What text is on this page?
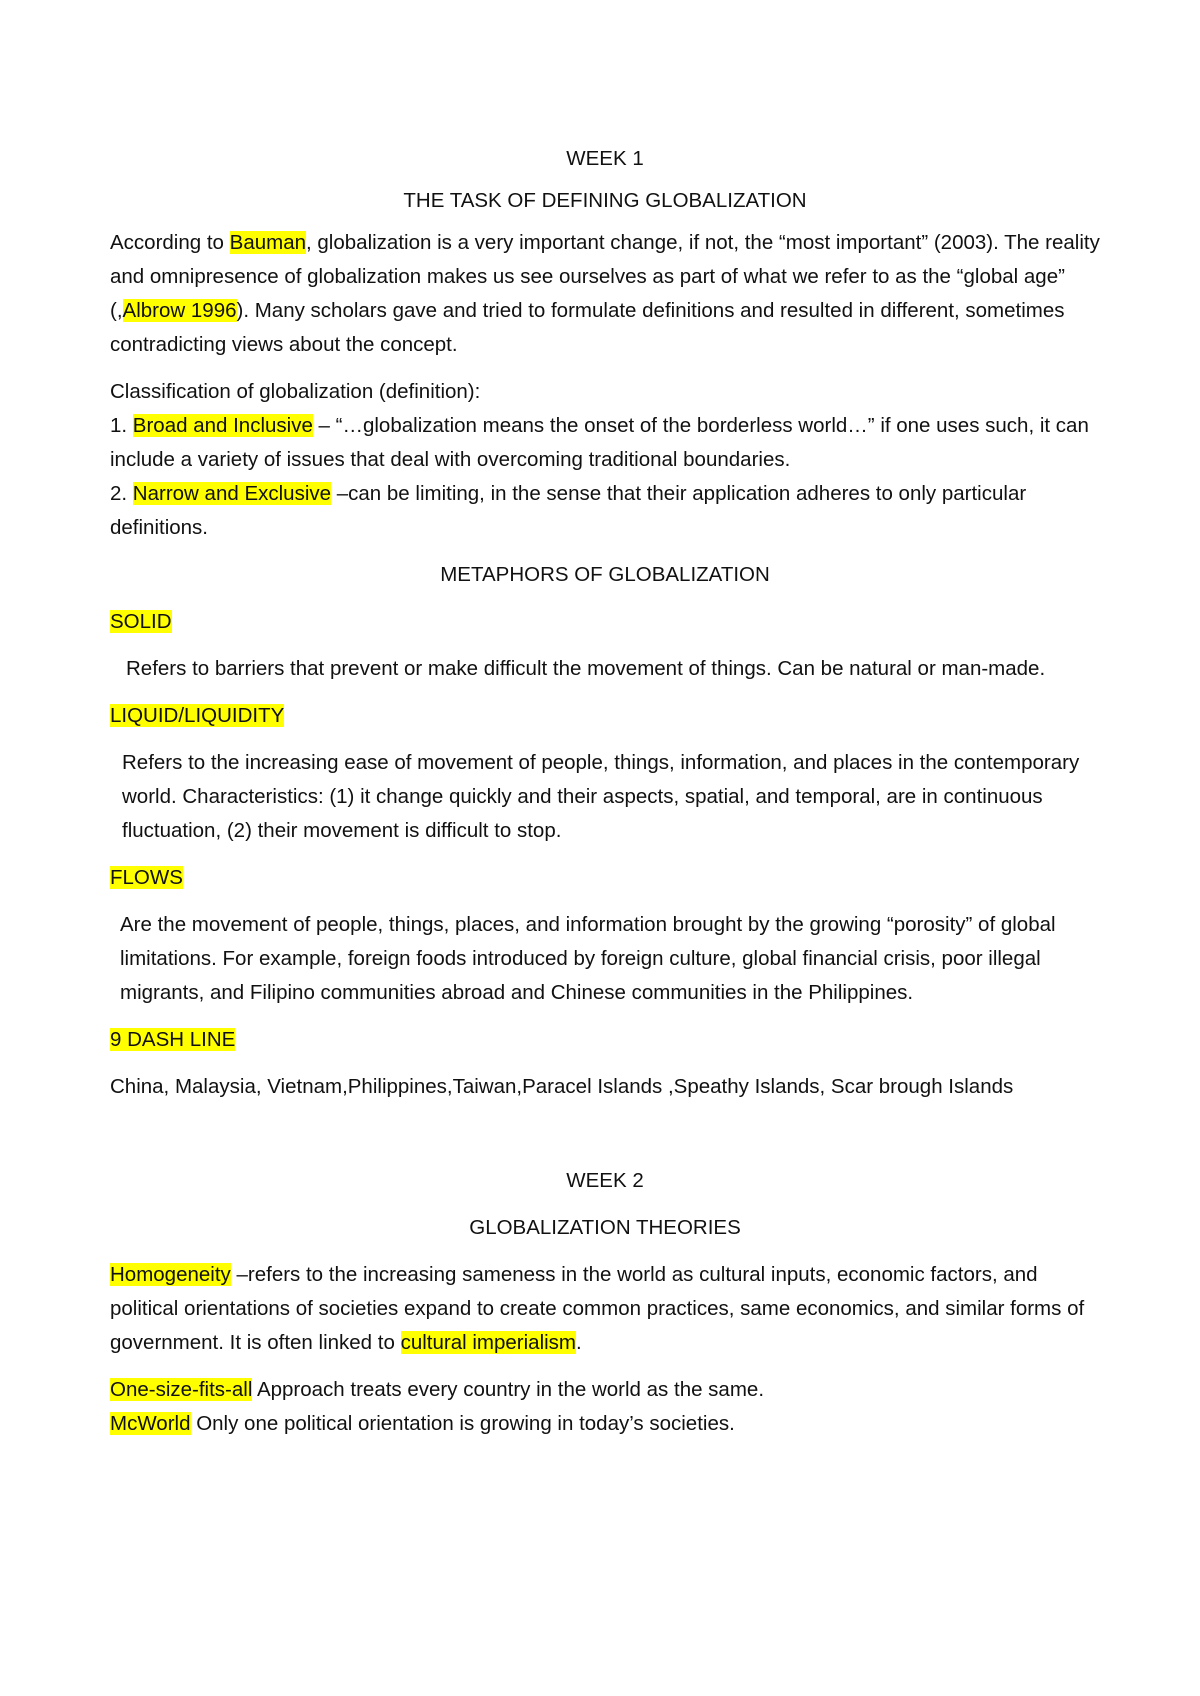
WEEK 1

THE TASK OF DEFINING GLOBALIZATION

According to Bauman, globalization is a very important change, if not, the “most important” (2003). The reality and omnipresence of globalization makes us see ourselves as part of what we refer to as the “global age” (,Albrow 1996). Many scholars gave and tried to formulate definitions and resulted in different, sometimes contradicting views about the concept.

Classification of globalization (definition):

1. Broad and Inclusive – “…globalization means the onset of the borderless world…” if one uses such, it can include a variety of issues that deal with overcoming traditional boundaries.

2. Narrow and Exclusive –can be limiting, in the sense that their application adheres to only particular definitions.

METAPHORS OF GLOBALIZATION

SOLID

Refers to barriers that prevent or make difficult the movement of things. Can be natural or man-made.

LIQUID/LIQUIDITY

Refers to the increasing ease of movement of people, things, information, and places in the contemporary world. Characteristics: (1) it change quickly and their aspects, spatial, and temporal, are in continuous fluctuation, (2) their movement is difficult to stop.

FLOWS

Are the movement of people, things, places, and information brought by the growing “porosity” of global limitations. For example, foreign foods introduced by foreign culture, global financial crisis, poor illegal migrants, and Filipino communities abroad and Chinese communities in the Philippines.

9 DASH LINE

China, Malaysia, Vietnam,Philippines,Taiwan,Paracel Islands ,Speathy Islands, Scar brough Islands

WEEK 2

GLOBALIZATION THEORIES

Homogeneity –refers to the increasing sameness in the world as cultural inputs, economic factors, and political orientations of societies expand to create common practices, same economics, and similar forms of government. It is often linked to cultural imperialism.

One-size-fits-all Approach treats every country in the world as the same.

McWorld Only one political orientation is growing in today’s societies.
